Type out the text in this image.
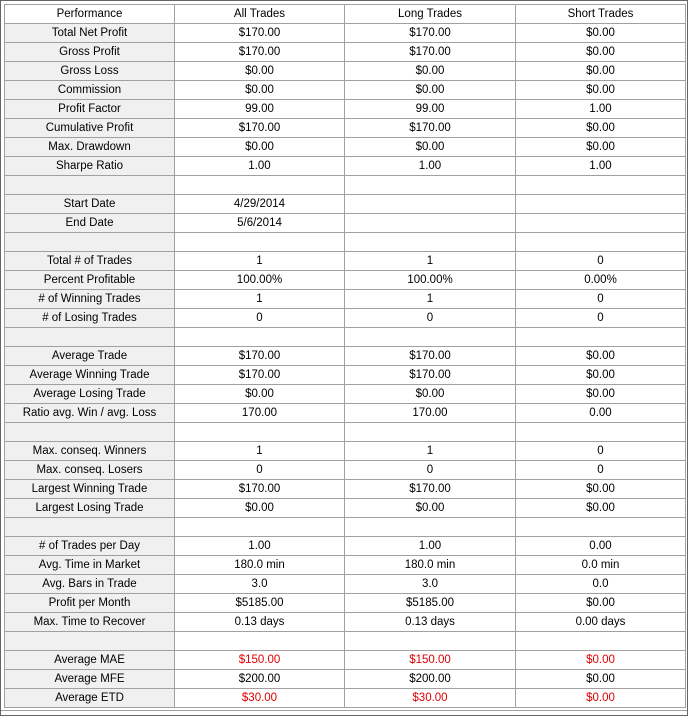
Performance	All Trades	Long Trades	Short Trades
Total Net Profit	$170.00	$170.00	$0.00
Gross Profit	$170.00	$170.00	$0.00
Gross Loss	$0.00	$0.00	$0.00
Commission	$0.00	$0.00	$0.00
Profit Factor	99.00	99.00	1.00
Cumulative Profit	$170.00	$170.00	$0.00
Max. Drawdown	$0.00	$0.00	$0.00
Sharpe Ratio	1.00	1.00	1.00

Start Date	4/29/2014		
End Date	5/6/2014		

Total # of Trades	1	1	0
Percent Profitable	100.00%	100.00%	0.00%
# of Winning Trades	1	1	0
# of Losing Trades	0	0	0

Average Trade	$170.00	$170.00	$0.00
Average Winning Trade	$170.00	$170.00	$0.00
Average Losing Trade	$0.00	$0.00	$0.00
Ratio avg. Win / avg. Loss	170.00	170.00	0.00

Max. conseq. Winners	1	1	0
Max. conseq. Losers	0	0	0
Largest Winning Trade	$170.00	$170.00	$0.00
Largest Losing Trade	$0.00	$0.00	$0.00

# of Trades per Day	1.00	1.00	0.00
Avg. Time in Market	180.0 min	180.0 min	0.0 min
Avg. Bars in Trade	3.0	3.0	0.0
Profit per Month	$5185.00	$5185.00	$0.00
Max. Time to Recover	0.13 days	0.13 days	0.00 days

Average MAE	$150.00	$150.00	$0.00
Average MFE	$200.00	$200.00	$0.00
Average ETD	$30.00	$30.00	$0.00
